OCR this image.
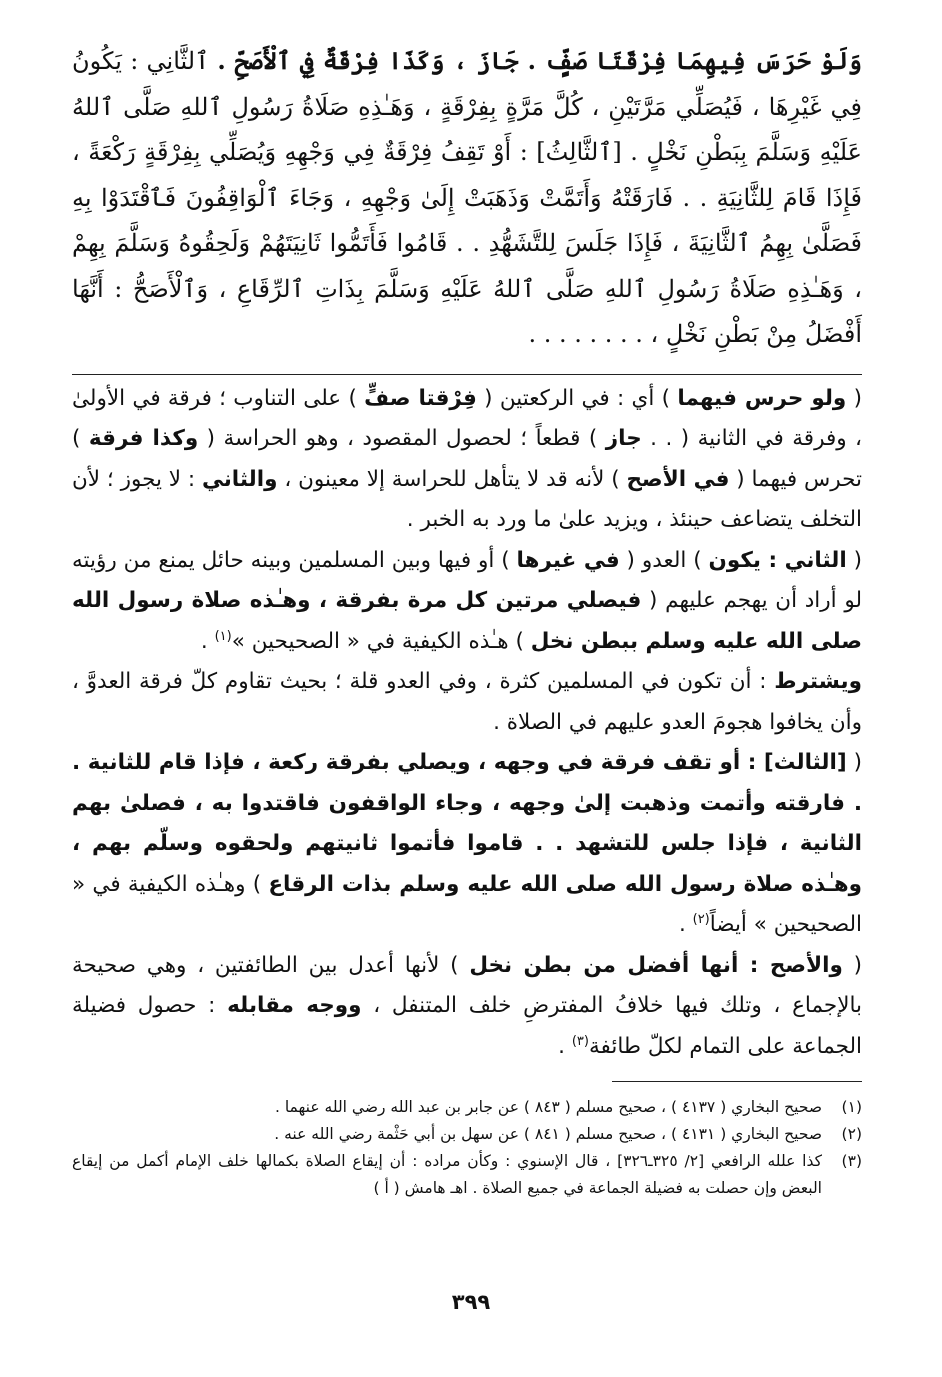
وَلَوْ حَرَسَ فِيهِمَا فِرْقَتَا صَفٍّ . جَازَ ، وَكَذَا فِرْقَةٌ فِي ٱلْأَصَحِّ . ٱلثَّانِي : يَكُونُ فِي غَيْرِهَا ، فَيُصَلِّي مَرَّتَيْنِ ، كُلَّ مَرَّةٍ بِفِرْقَةٍ ، وَهَـٰذِهِ صَلَاةُ رَسُولِ ٱللهِ صَلَّى ٱللهُ عَلَيْهِ وَسَلَّمَ بِبَطْنِ نَخْلٍ . [ٱلثَّالِثُ] : أَوْ تَقِفُ فِرْقَةٌ فِي وَجْهِهِ وَيُصَلِّي بِفِرْقَةٍ رَكْعَةً ، فَإِذَا قَامَ لِلثَّانِيَةِ . . فَارَقَتْهُ وَأَتَمَّتْ وَذَهَبَتْ إِلَىٰ وَجْهِهِ ، وَجَاءَ ٱلْوَاقِفُونَ فَٱقْتَدَوْا بِهِ فَصَلَّىٰ بِهِمُ ٱلثَّانِيَةَ ، فَإِذَا جَلَسَ لِلتَّشَهُّدِ . . قَامُوا فَأَتَمُّوا ثَانِيَتَهُمْ وَلَحِقُوهُ وَسَلَّمَ بِهِمْ ، وَهَـٰذِهِ صَلَاةُ رَسُولِ ٱللهِ صَلَّى ٱللهُ عَلَيْهِ وَسَلَّمَ بِذَاتِ ٱلرِّقَاعِ ، وَٱلْأَصَحُّ : أَنَّهَا أَفْضَلُ مِنْ بَطْنِ نَخْلٍ ، . . . . . . . .

( ولو حرس فيهما ) أي : في الركعتين ( فِرْقتا صفٍّ ) على التناوب ؛ فرقة في الأولىٰ ، وفرقة في الثانية ( . . جاز ) قطعاً ؛ لحصول المقصود ، وهو الحراسة ( وكذا فرقة ) تحرس فيهما ( في الأصح ) لأنه قد لا يتأهل للحراسة إلا معينون ، والثاني : لا يجوز ؛ لأن التخلف يتضاعف حينئذ ، ويزيد علىٰ ما ورد به الخبر .

( الثاني : يكون ) العدو ( في غيرها ) أو فيها وبين المسلمين وبينه حائل يمنع من رؤيته لو أراد أن يهجم عليهم ( فيصلي مرتين كل مرة بفرقة ، وهـٰذه صلاة رسول الله صلى الله عليه وسلم ببطن نخل ) هـٰذه الكيفية في « الصحيحين »$^{(١)}$ .

ويشترط : أن تكون في المسلمين كثرة ، وفي العدو قلة ؛ بحيث تقاوم كلّ فرقة العدوَّ ، وأن يخافوا هجومَ العدو عليهم في الصلاة .

( [الثالث] : أو تقف فرقة في وجهه ، ويصلي بفرقة ركعة ، فإذا قام للثانية . . فارقته وأتمت وذهبت إلىٰ وجهه ، وجاء الواقفون فاقتدوا به ، فصلىٰ بهم الثانية ، فإذا جلس للتشهد . . قاموا فأتموا ثانيتهم ولحقوه وسلّم بهم ، وهـٰذه صلاة رسول الله صلى الله عليه وسلم بذات الرقاع ) وهـٰذه الكيفية في « الصحيحين » أيضاً$^{(٢)}$ .

( والأصح : أنها أفضل من بطن نخل ) لأنها أعدل بين الطائفتين ، وهي صحيحة بالإجماع ، وتلك فيها خلافُ المفترضِ خلف المتنفل ، ووجه مقابله : حصول فضيلة الجماعة على التمام لكلّ طائفة$^{(٣)}$ .

(١)
صحيح البخاري ( ٤١٣٧ ) ، صحيح مسلم ( ٨٤٣ ) عن جابر بن عبد الله رضي الله عنهما .
(٢)
صحيح البخاري ( ٤١٣١ ) ، صحيح مسلم ( ٨٤١ ) عن سهل بن أبي حَثْمة رضي الله عنه .
(٣)
كذا علله الرافعي [٢/ ٣٢٥ـ٣٢٦] ، قال الإسنوي : وكأن مراده : أن إيقاع الصلاة بكمالها خلف الإمام أكمل من إيقاع البعض وإن حصلت به فضيلة الجماعة في جميع الصلاة . اهـ هامش ( أ )
٣٩٩
